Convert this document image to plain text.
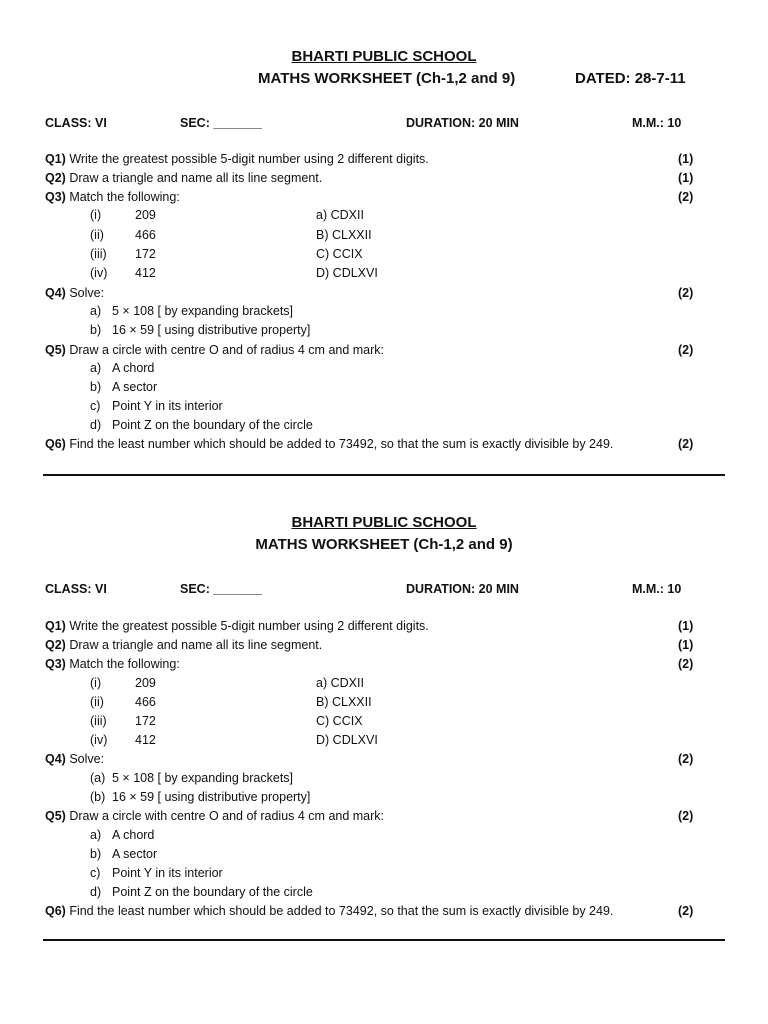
BHARTI PUBLIC SCHOOL
MATHS WORKSHEET (Ch-1,2 and 9)	DATED: 28-7-11
CLASS: VI	SEC: _______	DURATION: 20 MIN	M.M.: 10
Q1) Write the greatest possible 5-digit number using 2 different digits.	(1)
Q2) Draw a triangle and name all its line segment.	(1)
Q3) Match the following:	(2)
(i)	209	a) CDXII
(ii) 466	B) CLXXII
(iii) 172	C) CCIX
(iv) 412	D) CDLXVI
Q4) Solve:	(2)
a) 5 × 108 [ by expanding brackets]
b) 16 × 59 [ using distributive property]
Q5) Draw a circle with centre O and of radius 4 cm and mark:	(2)
a) A chord
b) A sector
c) Point Y in its interior
d) Point Z on the boundary of the circle
Q6) Find the least number which should be added to 73492, so that the sum is exactly divisible by 249.	(2)
BHARTI PUBLIC SCHOOL
MATHS WORKSHEET (Ch-1,2 and 9)
CLASS: VI	SEC: _______	DURATION: 20 MIN	M.M.: 10
Q1) Write the greatest possible 5-digit number using 2 different digits.	(1)
Q2) Draw a triangle and name all its line segment.	(1)
Q3) Match the following:	(2)
(i)	209	a) CDXII
(ii) 466	B) CLXXII
(iii) 172	C) CCIX
(iv) 412	D) CDLXVI
Q4) Solve:	(2)
(a) 5 × 108 [ by expanding brackets]
(b) 16 × 59 [ using distributive property]
Q5) Draw a circle with centre O and of radius 4 cm and mark:	(2)
a) A chord
b) A sector
c) Point Y in its interior
d) Point Z on the boundary of the circle
Q6) Find the least number which should be added to 73492, so that the sum is exactly divisible by 249.	(2)
